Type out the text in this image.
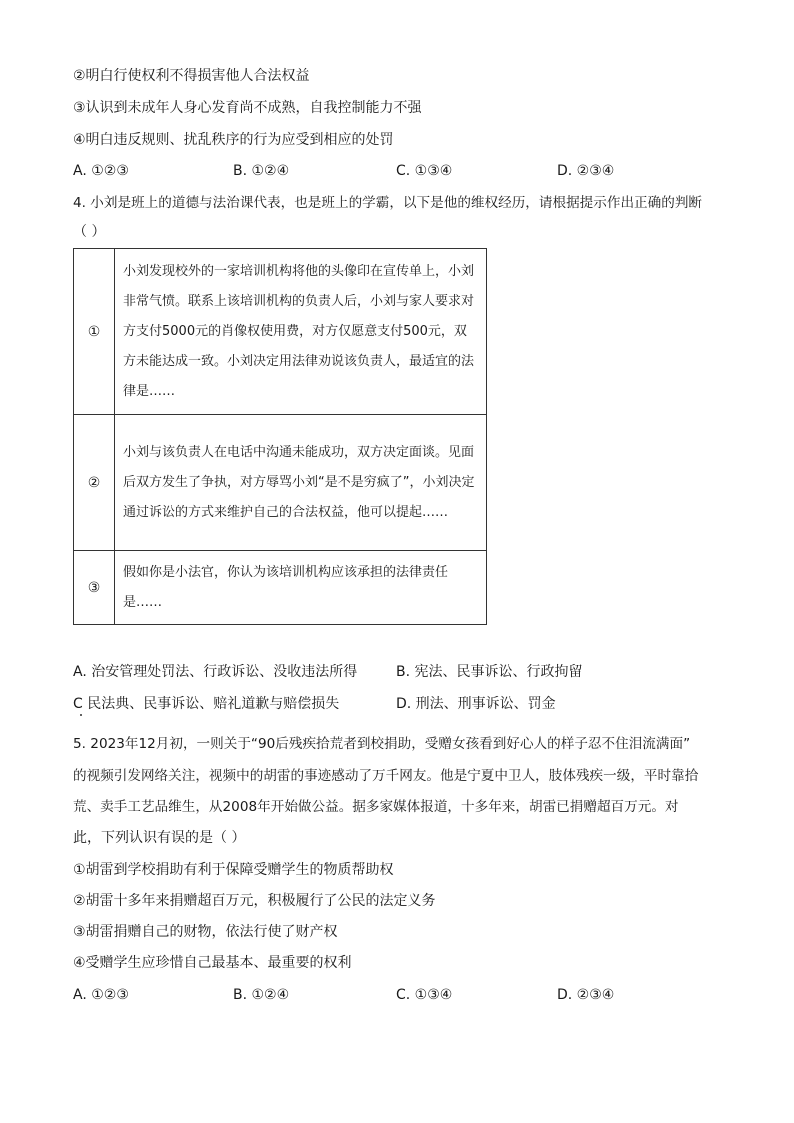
②明白行使权利不得损害他人合法权益
③认识到未成年人身心发育尚不成熟，自我控制能力不强
④明白违反规则、扰乱秩序的行为应受到相应的处罚
A. ①②③	B. ①②④	C. ①③④	D. ②③④
4. 小刘是班上的道德与法治课代表，也是班上的学霸，以下是他的维权经历，请根据提示作出正确的判断
（ ）
①	小刘发现校外的一家培训机构将他的头像印在宣传单上，小刘非常气愤。联系上该培训机构的负责人后，小刘与家人要求对方支付5000元的肖像权使用费，对方仅愿意支付500元，双方未能达成一致。小刘决定用法律劝说该负责人，最适宜的法律是……
②	小刘与该负责人在电话中沟通未能成功，双方决定面谈。见面后双方发生了争执，对方辱骂小刘“是不是穷疯了”，小刘决定通过诉讼的方式来维护自己的合法权益，他可以提起……
③	假如你是小法官，你认为该培训机构应该承担的法律责任是……
A. 治安管理处罚法、行政诉讼、没收违法所得	B. 宪法、民事诉讼、行政拘留
C 民法典、民事诉讼、赔礼道歉与赔偿损失	D. 刑法、刑事诉讼、罚金
5. 2023年12月初，一则关于“90后残疾拾荒者到校捐助，受赠女孩看到好心人的样子忍不住泪流满面”
的视频引发网络关注，视频中的胡雷的事迹感动了万千网友。他是宁夏中卫人，肢体残疾一级，平时靠拾
荒、卖手工艺品维生，从2008年开始做公益。据多家媒体报道，十多年来，胡雷已捐赠超百万元。对
此，下列认识有误的是（ ）
①胡雷到学校捐助有利于保障受赠学生的物质帮助权
②胡雷十多年来捐赠超百万元，积极履行了公民的法定义务
③胡雷捐赠自己的财物，依法行使了财产权
④受赠学生应珍惜自己最基本、最重要的权利
A. ①②③	B. ①②④	C. ①③④	D. ②③④
